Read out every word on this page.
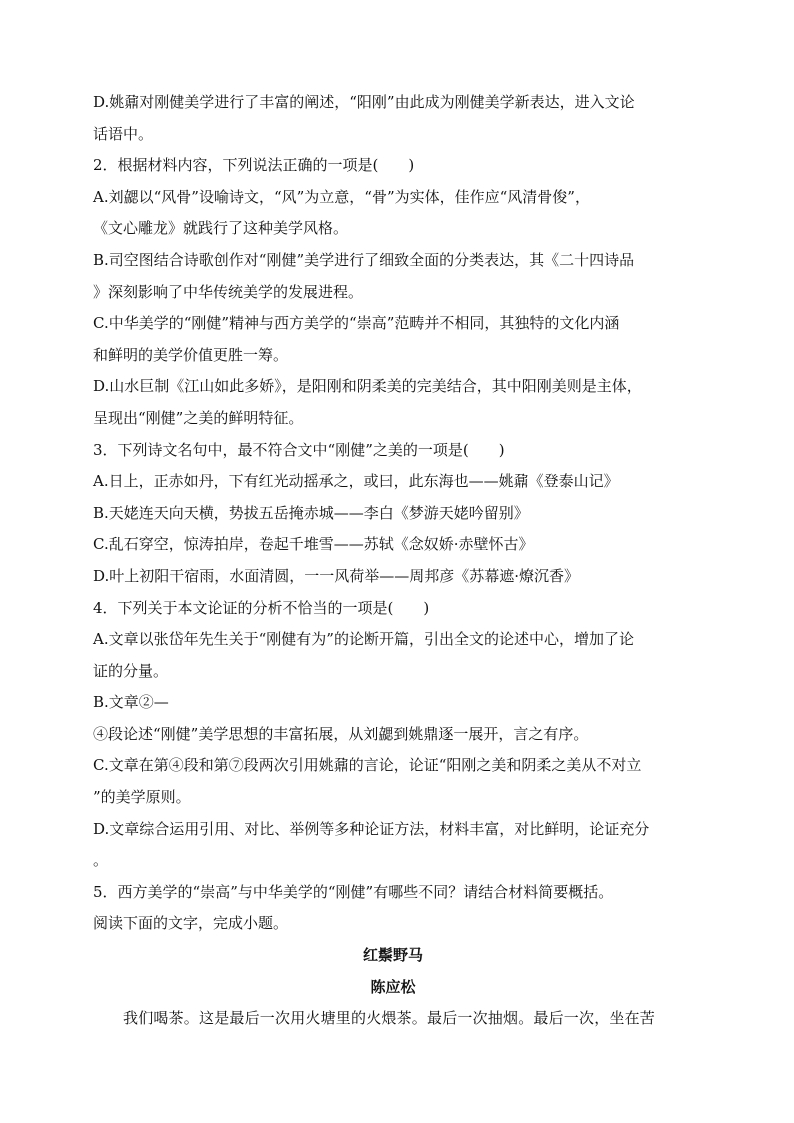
D.姚鼐对刚健美学进行了丰富的阐述，“阳刚”由此成为刚健美学新表达，进入文论
话语中。
2．根据材料内容，下列说法正确的一项是(　　)
A.刘勰以“风骨”设喻诗文，“风”为立意，“骨”为实体，佳作应“风清骨俊”，
《文心雕龙》就践行了这种美学风格。
B.司空图结合诗歌创作对“刚健”美学进行了细致全面的分类表达，其《二十四诗品
》深刻影响了中华传统美学的发展进程。
C.中华美学的“刚健”精神与西方美学的“崇高”范畴并不相同，其独特的文化内涵
和鲜明的美学价值更胜一筹。
D.山水巨制《江山如此多娇》，是阳刚和阴柔美的完美结合，其中阳刚美则是主体，
呈现出“刚健”之美的鲜明特征。
3．下列诗文名句中，最不符合文中“刚健”之美的一项是(　　)
A.日上，正赤如丹，下有红光动摇承之，或曰，此东海也——姚鼐《登泰山记》
B.天姥连天向天横，势拔五岳掩赤城——李白《梦游天姥吟留别》
C.乱石穿空，惊涛拍岸，卷起千堆雪——苏轼《念奴娇·赤壁怀古》
D.叶上初阳干宿雨，水面清圆，一一风荷举——周邦彦《苏幕遮·燎沉香》
4．下列关于本文论证的分析不恰当的一项是(　　)
A.文章以张岱年先生关于“刚健有为”的论断开篇，引出全文的论述中心，增加了论
证的分量。
B.文章②—
④段论述“刚健”美学思想的丰富拓展，从刘勰到姚鼎逐一展开，言之有序。
C.文章在第④段和第⑦段两次引用姚鼐的言论，论证“阳刚之美和阴柔之美从不对立
”的美学原则。
D.文章综合运用引用、对比、举例等多种论证方法，材料丰富，对比鲜明，论证充分
。
5．西方美学的“崇高”与中华美学的“刚健”有哪些不同？请结合材料简要概括。
阅读下面的文字，完成小题。
红鬃野马
陈应松
我们喝茶。这是最后一次用火塘里的火煨茶。最后一次抽烟。最后一次，坐在苦
